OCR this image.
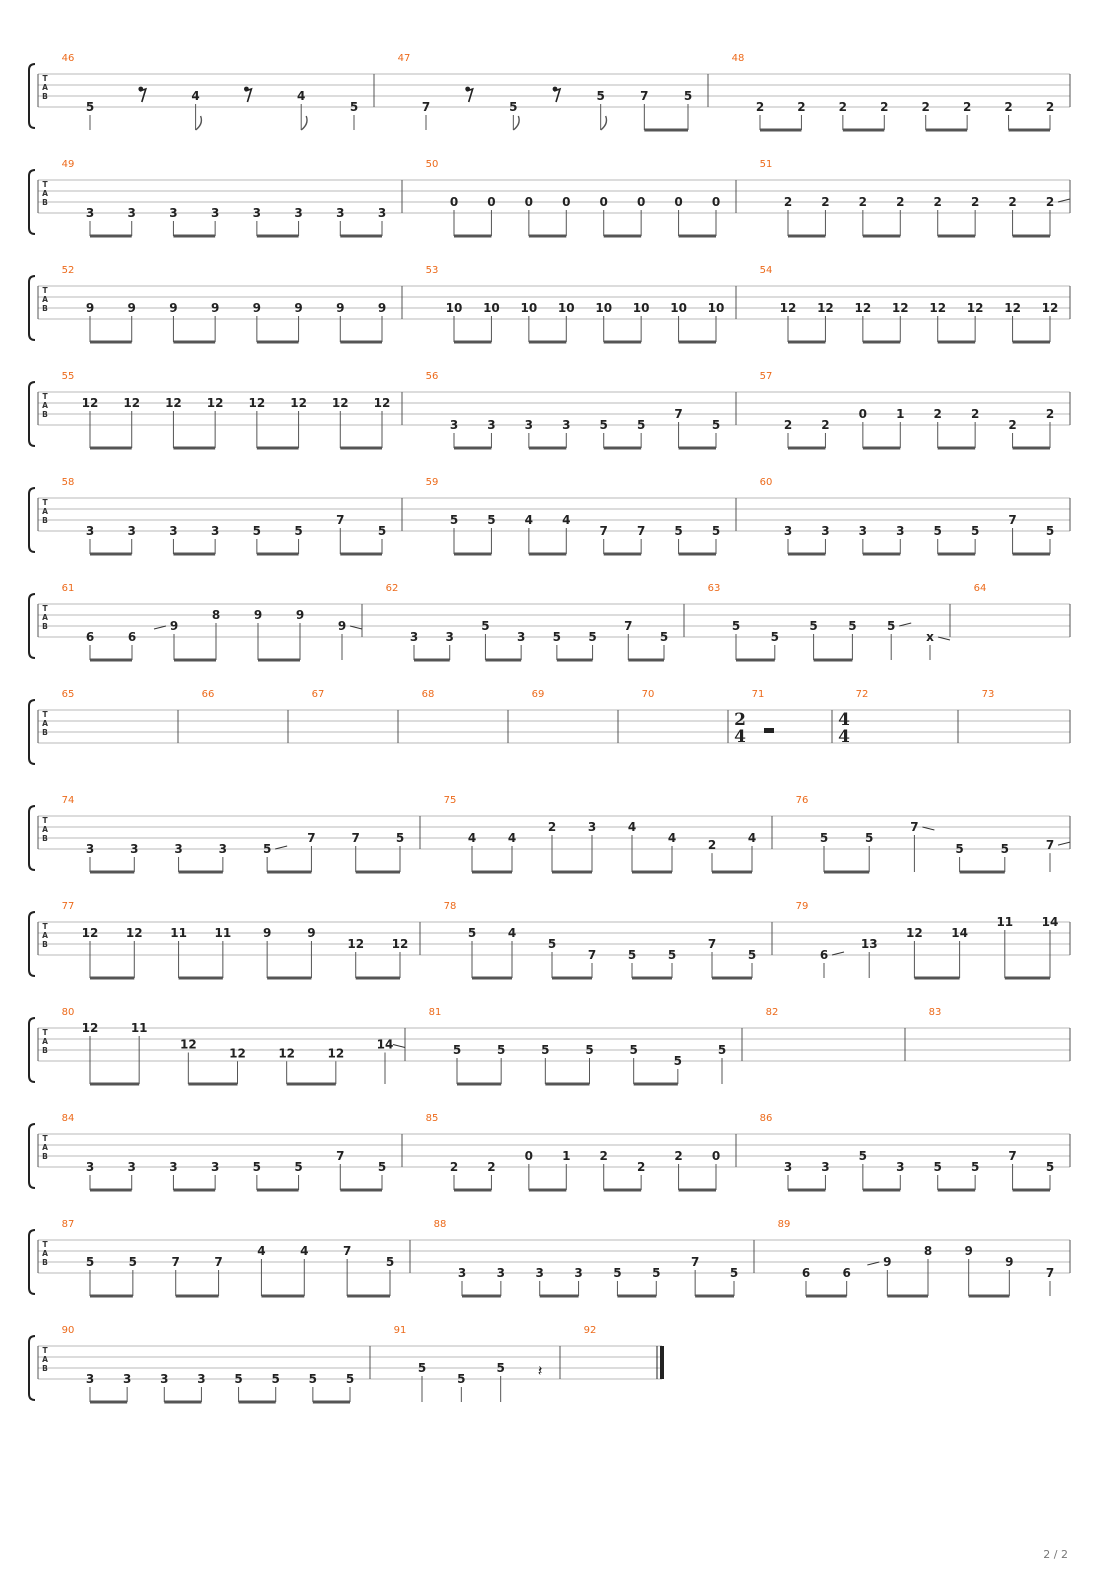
T
A
B
46
5
4	4
5
47
7	5
5	7	5
48
2	2	2	2	2	2	2	2
T
A
B
49
3	3	3	3	3	3	3	3
50
0 0 0 0 0 0 0 0
51
2 2 2 2 2 2 2 2
T
A
B
52
9	9	9	9	9	9	9	9
53
10 10 10 10 10 10 10 10
54
12 12 12 12 12 12 12 12
T
A
B
55
12 12 12 12 12 12 12 12
56
3 3 3 3 5 5
7
5
57
2 2
0 1 2 2
2
2
T
A
B
58
3	3	3	3	5	5
7
5
59
5 5 4 4
7 7 5 5
60
3 3 3 3 5 5
7
5
T
A
B
61
6	6
9
8	9	9
9
62
3 3
5
3 5 5
7
5
63
5
5
5	5	5
x
64
T
A
B
65	66	67	68	69	70	71
2
4
72
4
4
73
T
A
B
74
3	3	3	3	5
7	7	5
75
4	4
2	3	4
4
2
4
76
5	5
7
5	5	7
T
A
B
77
12 12 11 11	9	9
12 12
78
5	4
5
7	5	5
7
5
79
6
13
12 14
11 14
T
A
B
80
12	11
12
12	12	12
14
81
5	5	5	5	5
5
5
82	83
T
A
B
84
3	3	3	3	5	5
7
5
85
2 2
0 1 2
2
2 0
86
3 3
5
3 5 5
7
5
T
A
B
87
5	5	7	7
4	4	7
5
88
3	3	3	3	5	5
7
5
89
6	6
9
8	9
9
7
T
A
B
90
3 3 3 3 5 5 5 5
91
5
5
5 𝄽
92
2 / 2
